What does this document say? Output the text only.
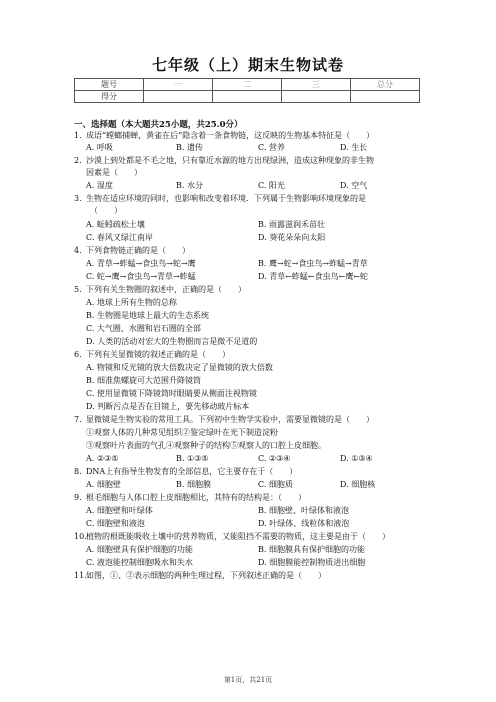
七年级（上）期末生物试卷
题号	一	二	三	总分
得分				
一、选择题（本大题共25小题，共25.0分）
1. 成语“螳螂捕蝉，黄雀在后”隐含着一条食物链，这反映的生物基本特征是（　　）
A. 呼吸	B. 遗传	C. 营养	D. 生长
2. 沙漠上到处都是不毛之地，只有靠近水源的地方出现绿洲，造成这种现象的非生物
因素是（　　）
A. 湿度	B. 水分	C. 阳光	D. 空气
3. 生物在适应环境的同时，也影响和改变着环境．下列属于生物影响环境现象的是
（　　）
A. 蚯蚓疏松土壤	B. 雨露滋润禾苗壮
C. 春风又绿江南岸	D. 葵花朵朵向太阳
4. 下列食物链正确的是（　　）
A. 青草→蚱蜢→食虫鸟→蛇→鹰	B. 鹰→蛇→食虫鸟→蚱蜢→青草
C. 蛇→鹰→食虫鸟→青草→蚱蜢	D. 青草←蚱蜢←食虫鸟←鹰←蛇
5. 下列有关生物圈的叙述中，正确的是（　　）
A. 地球上所有生物的总称
B. 生物圈是地球上最大的生态系统
C. 大气圈、水圈和岩石圈的全部
D. 人类的活动对宏大的生物圈而言是微不足道的
6. 下列有关显微镜的叙述正确的是（　　）
A. 物镜和反光镜的放大倍数决定了显微镜的放大倍数
B. 细准焦螺旋可大范围升降镜筒
C. 使用显微镜下降镜筒时眼睛要从侧面注视物镜
D. 判断污点是否在目镜上，要先移动玻片标本
7. 显微镜是生物实验的常用工具。下列初中生物学实验中，需要显微镜的是（　　）
①观察人体的几种常见组织②鉴定绿叶在光下制造淀粉
③观察叶片表面的气孔④观察种子的结构⑤观察人的口腔上皮细胞。
A. ②③⑤	B. ①③⑤	C. ②③④	D. ①③④
8. DNA上有指导生物发育的全部信息，它主要存在于（　　）
A. 细胞壁	B. 细胞膜	C. 细胞质	D. 细胞核
9. 根毛细胞与人体口腔上皮细胞相比，其特有的结构是：（　　）
A. 细胞壁和叶绿体	B. 细胞壁、叶绿体和液泡
C. 细胞壁和液泡	D. 叶绿体、线粒体和液泡
10.植物的根既能吸收土壤中的营养物质，又能阻挡不需要的物质，这主要是由于（　　）
A. 细胞壁具有保护细胞的功能	B. 细胞膜具有保护细胞的功能
C. 液泡能控制细胞吸水和失水	D. 细胞膜能控制物质进出细胞
11.如图，①、②表示细胞的两种生理过程，下列叙述正确的是（　　）
第1页，共21页
